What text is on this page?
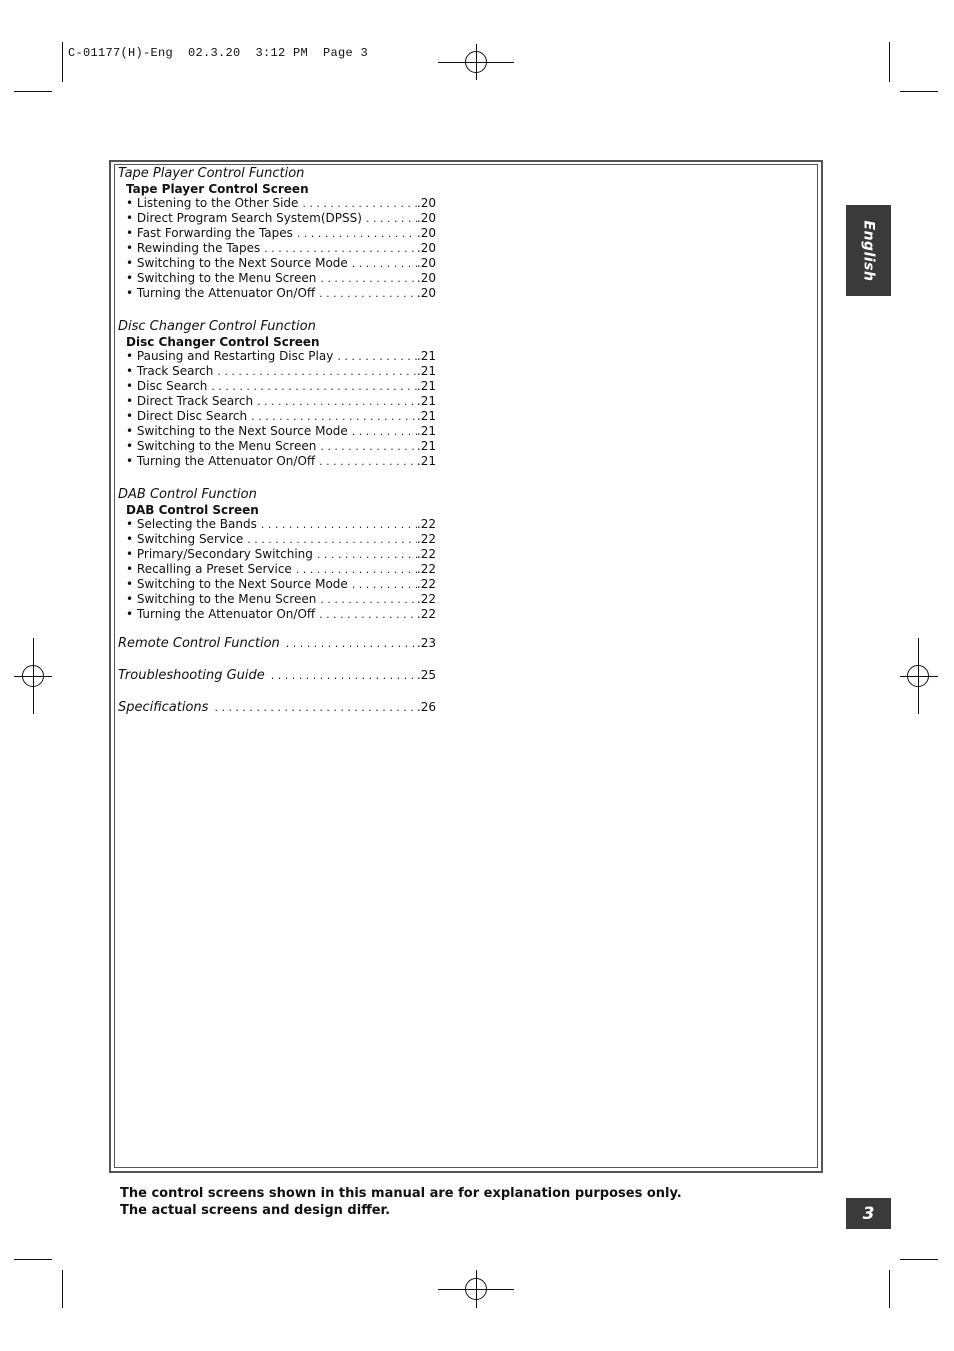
C-01177(H)-Eng  02.3.20  3:12 PM  Page 3
Tape Player Control Function
Tape Player Control Screen
• Listening to the Other Side . . .	.20
• Direct Program Search System(DPSS) . . .	.20
• Fast Forwarding the Tapes . . .	.20
• Rewinding the Tapes . . .	.20
• Switching to the Next Source Mode . . .	.20
• Switching to the Menu Screen . . .	.20
• Turning the Attenuator On/Off . . .	.20
Disc Changer Control Function
Disc Changer Control Screen
• Pausing and Restarting Disc Play . . .	.21
• Track Search . . .	.21
• Disc Search . . .	.21
• Direct Track Search . . .	.21
• Direct Disc Search . . .	.21
• Switching to the Next Source Mode . . .	.21
• Switching to the Menu Screen . . .	.21
• Turning the Attenuator On/Off . . .	.21
DAB Control Function
DAB Control Screen
• Selecting the Bands . . .	.22
• Switching Service . . .	.22
• Primary/Secondary Switching . . .	.22
• Recalling a Preset Service . . .	.22
• Switching to the Next Source Mode . . .	.22
• Switching to the Menu Screen . . .	.22
• Turning the Attenuator On/Off . . .	.22
Remote Control Function . . .	.23
Troubleshooting Guide . . .	.25
Specifications . . .	.26
English
The control screens shown in this manual are for explanation purposes only.
The actual screens and design differ.	3
